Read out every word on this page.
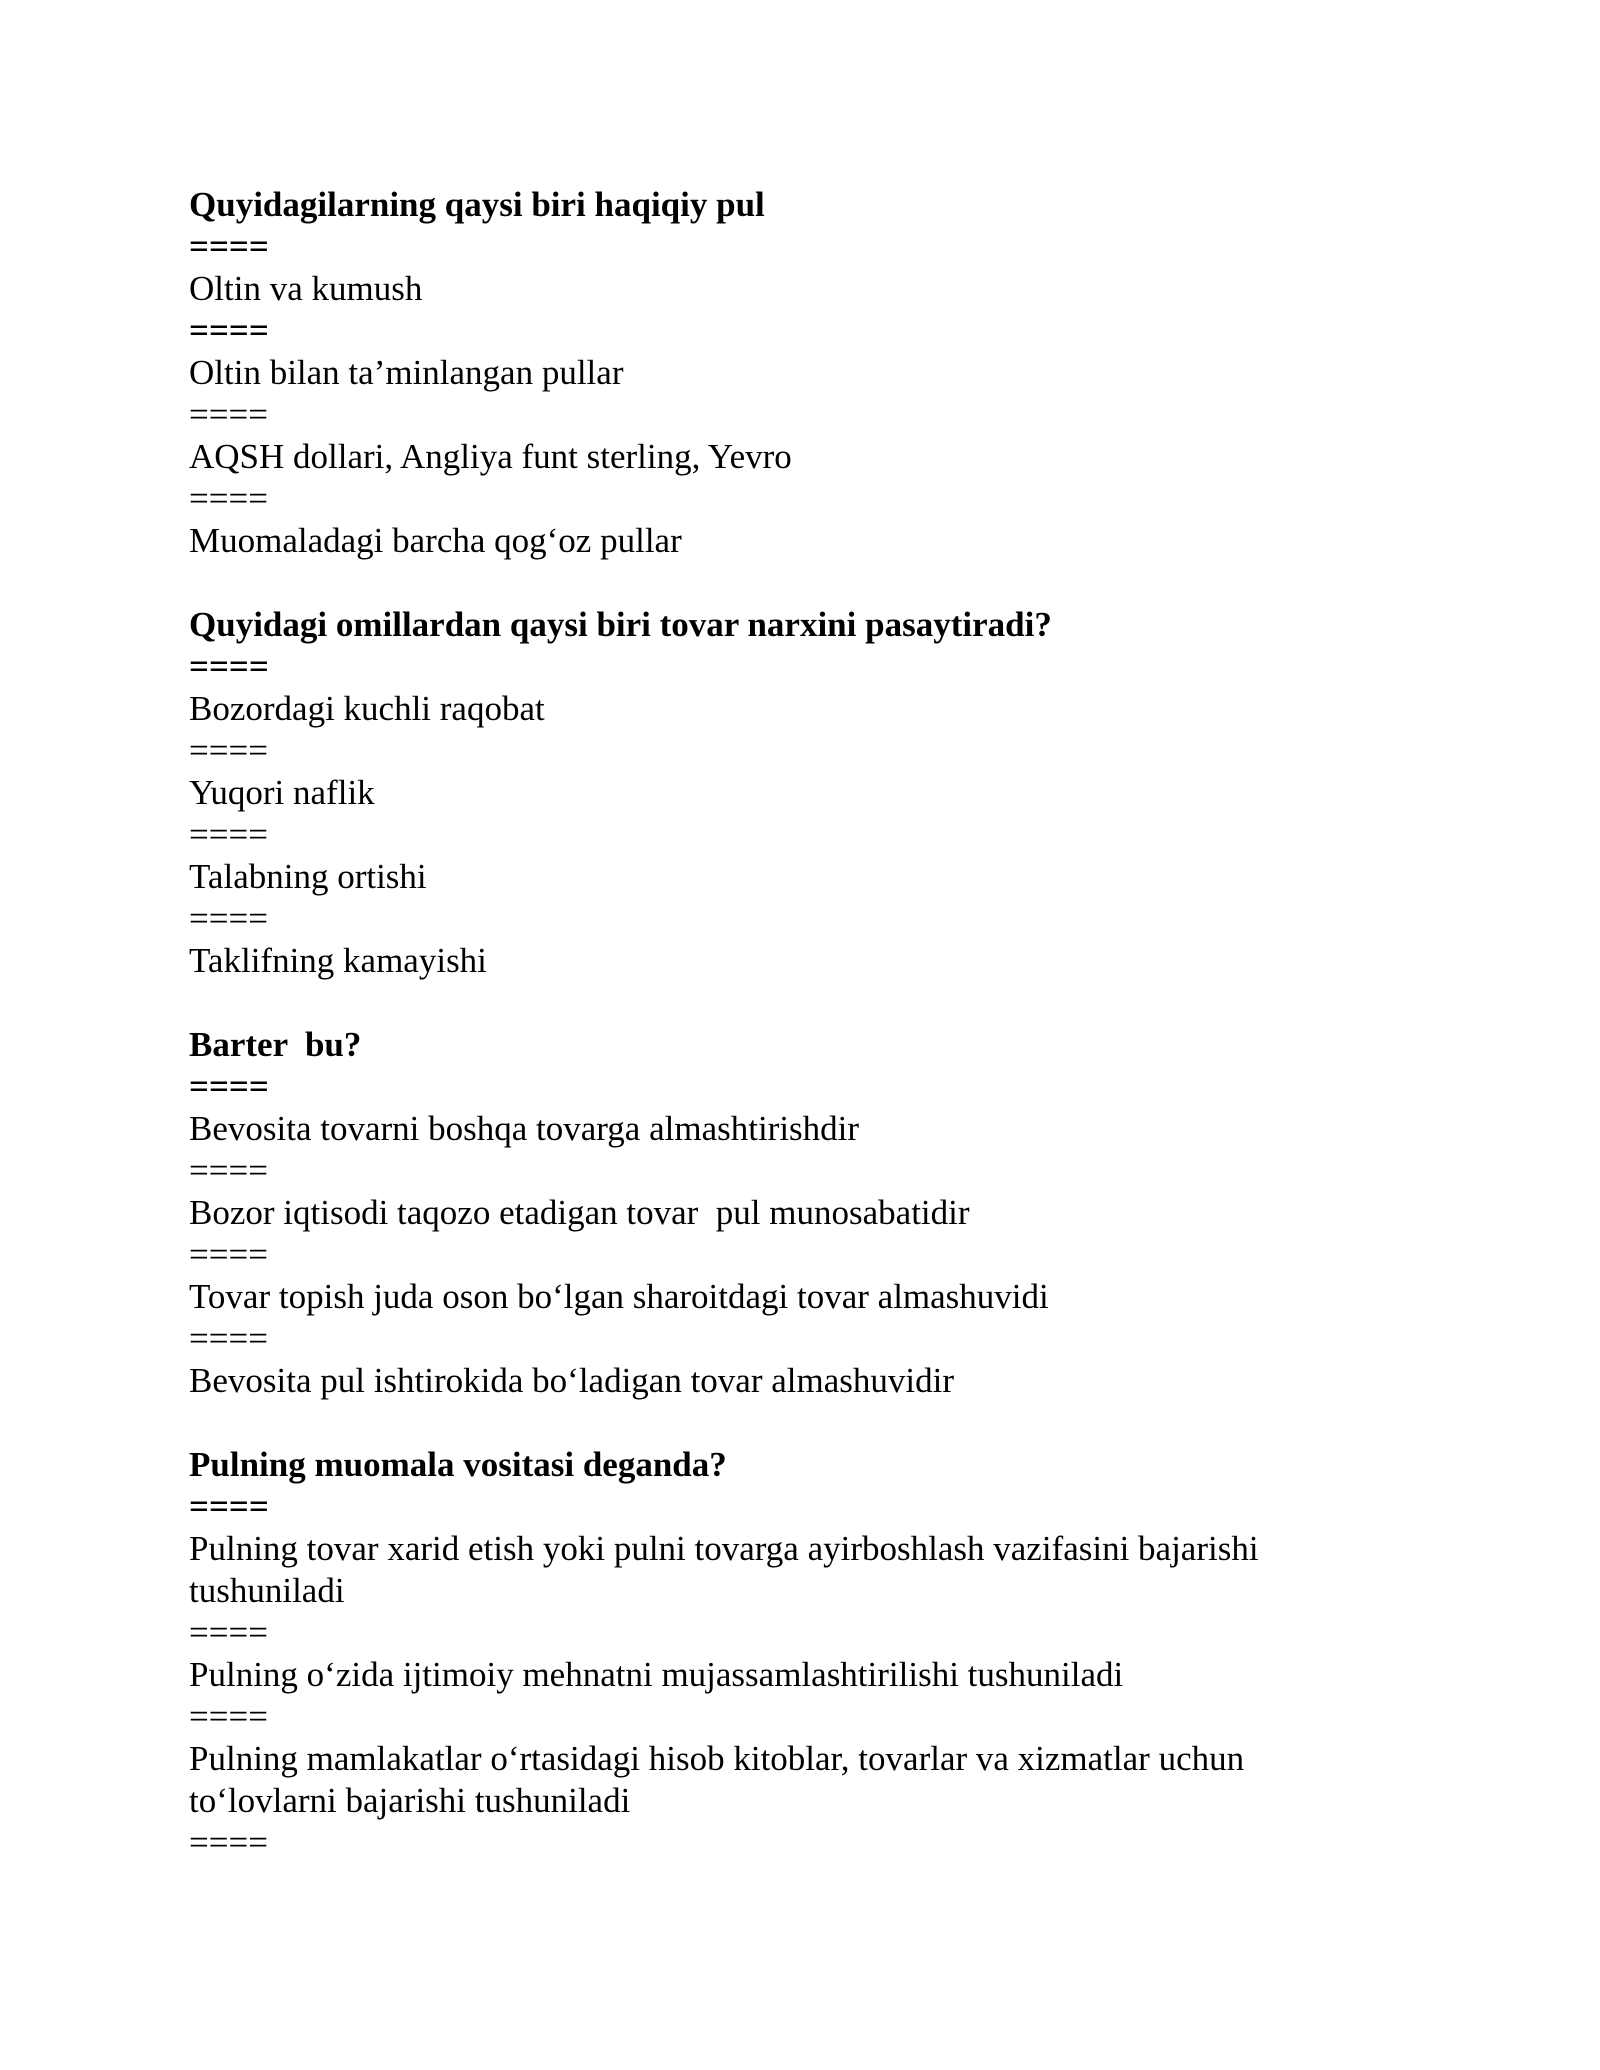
Quyidagilarning qaysi biri haqiqiy pul
====
Oltin va kumush
====
Oltin bilan ta’minlangan pullar
====
AQSH dollari, Angliya funt sterling, Yevro
====
Muomaladagi barcha qog‘oz pullar
Quyidagi omillardan qaysi biri tovar narxini pasaytiradi?
====
Bozordagi kuchli raqobat
====
Yuqori naflik
====
Talabning ortishi
====
Taklifning kamayishi
Barter  bu?
====
Bevosita tovarni boshqa tovarga almashtirishdir
====
Bozor iqtisodi taqozo etadigan tovar  pul munosabatidir
====
Tovar topish juda oson bo‘lgan sharoitdagi tovar almashuvidi
====
Bevosita pul ishtirokida bo‘ladigan tovar almashuvidir
Pulning muomala vositasi deganda?
====
Pulning tovar xarid etish yoki pulni tovarga ayirboshlash vazifasini bajarishi tushuniladi
====
Pulning o‘zida ijtimoiy mehnatni mujassamlashtirilishi tushuniladi
====
Pulning mamlakatlar o‘rtasidagi hisob kitoblar, tovarlar va xizmatlar uchun to‘lovlarni bajarishi tushuniladi
====
